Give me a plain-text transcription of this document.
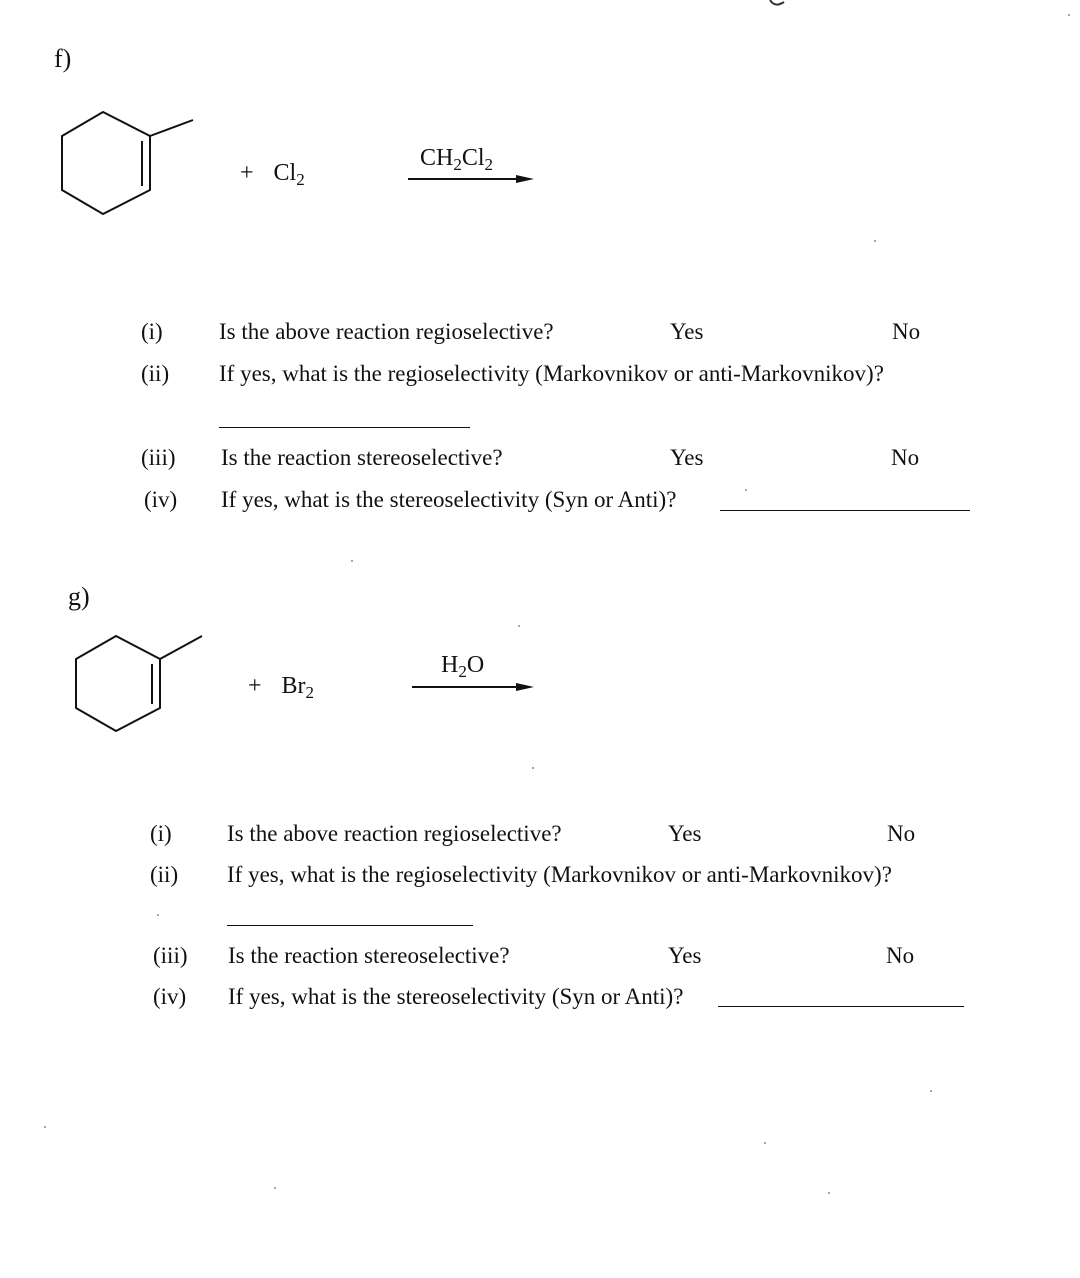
f)
+ $Cl_2$
$CH_2Cl_2$
(i) Is the above reaction regioselective?	Yes	No
(ii) If yes, what is the regioselectivity (Markovnikov or anti-Markovnikov)?
(iii) Is the reaction stereoselective?	Yes	No
(iv) If yes, what is the stereoselectivity (Syn or Anti)?
g)
+ $Br_2$
$H_2O$
(i) Is the above reaction regioselective?	Yes	No
(ii) If yes, what is the regioselectivity (Markovnikov or anti-Markovnikov)?
(iii) Is the reaction stereoselective?	Yes	No
(iv) If yes, what is the stereoselectivity (Syn or Anti)?
